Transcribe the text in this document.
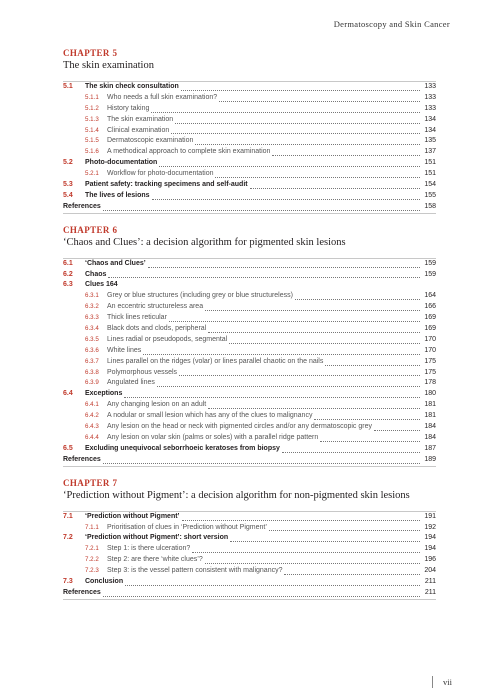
Dermatoscopy and Skin Cancer
CHAPTER 5
The skin examination
5.1	The skin check consultation	133
5.1.1	Who needs a full skin examination?	133
5.1.2	History taking	133
5.1.3	The skin examination	134
5.1.4	Clinical examination	134
5.1.5	Dermatoscopic examination	135
5.1.6	A methodical approach to complete skin examination	137
5.2	Photo-documentation	151
5.2.1	Workflow for photo-documentation	151
5.3	Patient safety: tracking specimens and self-audit	154
5.4	The lives of lesions	155
References	158
CHAPTER 6
‘Chaos and Clues’: a decision algorithm for pigmented skin lesions
6.1	‘Chaos and Clues’	159
6.2	Chaos	159
6.3	Clues 164
6.3.1	Grey or blue structures (including grey or blue structureless)	164
6.3.2	An eccentric structureless area	166
6.3.3	Thick lines reticular	169
6.3.4	Black dots and clods, peripheral	169
6.3.5	Lines radial or pseudopods, segmental	170
6.3.6	White lines	170
6.3.7	Lines parallel on the ridges (volar) or lines parallel chaotic on the nails	175
6.3.8	Polymorphous vessels	175
6.3.9	Angulated lines	178
6.4	Exceptions	180
6.4.1	Any changing lesion on an adult	181
6.4.2	A nodular or small lesion which has any of the clues to malignancy	181
6.4.3	Any lesion on the head or neck with pigmented circles and/or any dermatoscopic grey	184
6.4.4	Any lesion on volar skin (palms or soles) with a parallel ridge pattern	184
6.5	Excluding unequivocal seborrhoeic keratoses from biopsy	187
References	189
CHAPTER 7
‘Prediction without Pigment’: a decision algorithm for non-pigmented skin lesions
7.1	‘Prediction without Pigment’	191
7.1.1	Prioritisation of clues in ‘Prediction without Pigment’	192
7.2	‘Prediction without Pigment’: short version	194
7.2.1	Step 1: is there ulceration?	194
7.2.2	Step 2: are there ‘white clues’?	196
7.2.3	Step 3: is the vessel pattern consistent with malignancy?	204
7.3	Conclusion	211
References	211
vii
